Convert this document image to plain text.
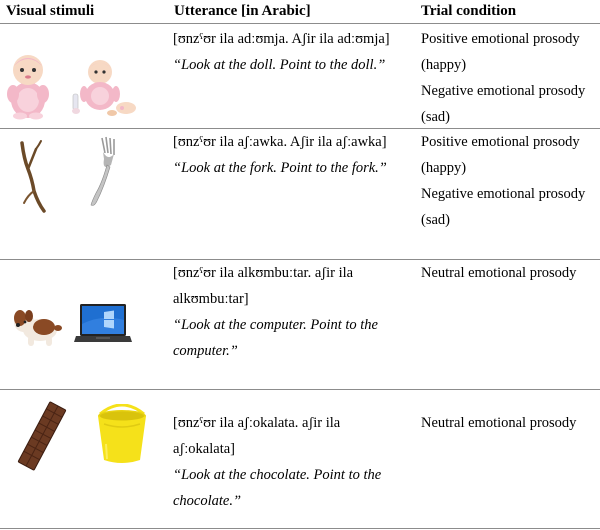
Visual stimuli	Utterance [in Arabic]	Trial condition
[ʊnzˤʊr ila adːʊmja. Aʃir ila adːʊmja]
“Look at the doll. Point to the doll.”
Positive emotional prosody
(happy)
Negative emotional prosody
(sad)
[ʊnzˤʊr ila aʃːawka. Aʃir ila aʃːawka]
“Look at the fork. Point to the fork.”
Positive emotional prosody
(happy)
Negative emotional prosody
(sad)
[ʊnzˤʊr ila alkʊmbuːtar. aʃir ila
alkʊmbuːtar]
“Look at the computer. Point to the
computer.”
Neutral emotional prosody
[ʊnzˤʊr ila aʃːokalata. aʃir ila
aʃːokalata]
“Look at the chocolate. Point to the
chocolate.”
Neutral emotional prosody
